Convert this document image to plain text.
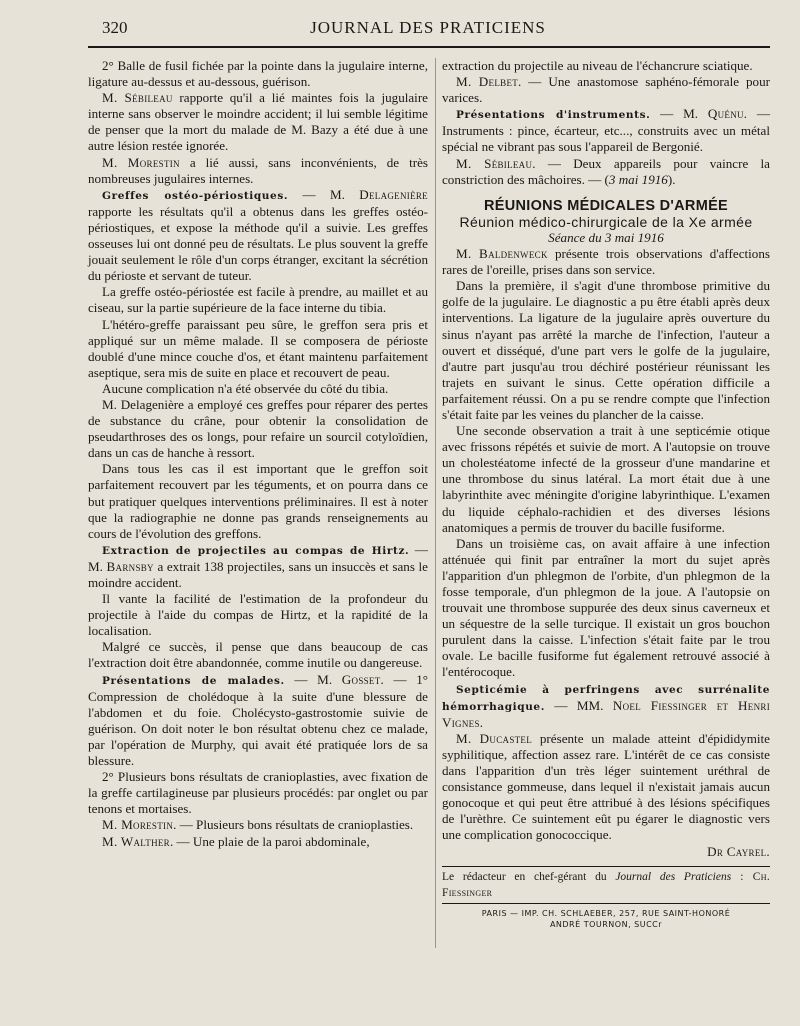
320	JOURNAL DES PRATICIENS

2° Balle de fusil fichée par la pointe dans la jugulaire interne, ligature au-dessus et au-dessous, guérison.

M. Sébileau rapporte qu'il a lié maintes fois la jugulaire interne sans observer le moindre accident; il lui semble légitime de penser que la mort du malade de M. Bazy a été due à une autre lésion restée ignorée.

M. Morestin a lié aussi, sans inconvénients, de très nombreuses jugulaires internes.

Greffes ostéo-périostiques. — M. Delagenière rapporte les résultats qu'il a obtenus dans les greffes ostéo-périostiques, et expose la méthode qu'il a suivie. Les greffes osseuses lui ont donné peu de résultats. Le plus souvent la greffe jouait seulement le rôle d'un corps étranger, excitant la sécrétion du périoste et servant de tuteur.

La greffe ostéo-périostée est facile à prendre, au maillet et au ciseau, sur la partie supérieure de la face interne du tibia.

L'hétéro-greffe paraissant peu sûre, le greffon sera pris et appliqué sur un même malade. Il se composera de périoste doublé d'une mince couche d'os, et étant maintenu parfaitement aseptique, sera mis de suite en place et recouvert de peau.

Aucune complication n'a été observée du côté du tibia.

M. Delagenière a employé ces greffes pour réparer des pertes de substance du crâne, pour obtenir la consolidation de pseudarthroses des os longs, pour refaire un sourcil cotyloïdien, dans un cas de hanche à ressort.

Dans tous les cas il est important que le greffon soit parfaitement recouvert par les téguments, et on pourra dans ce but pratiquer quelques interventions préliminaires. Il est à noter que la radiographie ne donne pas grands renseignements au cours de l'évolution des greffons.

Extraction de projectiles au compas de Hirtz. — M. Barnsby a extrait 138 projectiles, sans un insuccès et sans le moindre accident.

Il vante la facilité de l'estimation de la profondeur du projectile à l'aide du compas de Hirtz, et la rapidité de la localisation.

Malgré ce succès, il pense que dans beaucoup de cas l'extraction doit être abandonnée, comme inutile ou dangereuse.

Présentations de malades. — M. Gosset. — 1° Compression de cholédoque à la suite d'une blessure de l'abdomen et du foie. Cholécysto-gastrostomie suivie de guérison. On doit noter le bon résultat obtenu chez ce malade, par l'opération de Murphy, qui avait été pratiquée lors de sa blessure.

2° Plusieurs bons résultats de cranioplasties, avec fixation de la greffe cartilagineuse par plusieurs procédés: par onglet ou par tenons et mortaises.

M. Morestin. — Plusieurs bons résultats de cranioplasties.

M. Walther. — Une plaie de la paroi abdominale,

extraction du projectile au niveau de l'échancrure sciatique.

M. Delbet. — Une anastomose saphéno-fémorale pour varices.

Présentations d'instruments. — M. Quénu. — Instruments : pince, écarteur, etc..., construits avec un métal spécial ne vibrant pas sous l'appareil de Bergonié.

M. Sébileau. — Deux appareils pour vaincre la constriction des mâchoires. — (3 mai 1916).

RÉUNIONS MÉDICALES D'ARMÉE

Réunion médico-chirurgicale de la Xe armée

Séance du 3 mai 1916

M. Baldenweck présente trois observations d'affections rares de l'oreille, prises dans son service.

Dans la première, il s'agit d'une thrombose primitive du golfe de la jugulaire. Le diagnostic a pu être établi après deux interventions. La ligature de la jugulaire après ouverture du sinus n'ayant pas arrêté la marche de l'infection, l'auteur a ouvert et disséqué, d'une part vers le golfe de la jugulaire, d'autre part jusqu'au trou déchiré postérieur réunissant les trajets en suivant le sinus. Cette opération difficile a parfaitement réussi. On a pu se rendre compte que l'infection s'était faite par les veines du plancher de la caisse.

Une seconde observation a trait à une septicémie otique avec frissons répétés et suivie de mort. A l'autopsie on trouve un cholestéatome infecté de la grosseur d'une mandarine et une thrombose du sinus latéral. La mort était due à une labyrinthite avec méningite d'origine labyrinthique. L'examen du liquide céphalo-rachidien et des diverses lésions anatomiques a permis de trouver du bacille fusiforme.

Dans un troisième cas, on avait affaire à une infection atténuée qui finit par entraîner la mort du sujet après l'apparition d'un phlegmon de l'orbite, d'un phlegmon de la fosse temporale, d'un phlegmon de la joue. A l'autopsie on trouvait une thrombose suppurée des deux sinus caverneux et un séquestre de la selle turcique. Il existait un gros bouchon purulent dans la caisse. L'infection s'était faite par le trou ovale. Le bacille fusiforme fut également retrouvé associé à l'entérocoque.

Septicémie à perfringens avec surrénalite hémorrhagique. — MM. Noel Fiessinger et Henri Vignes.

M. Ducastel présente un malade atteint d'épididymite syphilitique, affection assez rare. L'intérêt de ce cas consiste dans l'apparition d'un très léger suintement uréthral de consistance gommeuse, dans lequel il n'existait jamais aucun gonocoque et qui peut être attribué à des lésions spécifiques de l'urèthre. Ce suintement eût pu égarer le diagnostic vers une complication gonococcique.

Dr Cayrel.

Le rédacteur en chef-gérant du Journal des Praticiens : Ch. Fiessinger

PARIS — IMP. CH. SCHLAEBER, 257, RUE SAINT-HONORÉ
ANDRÉ TOURNON, SUCCr
